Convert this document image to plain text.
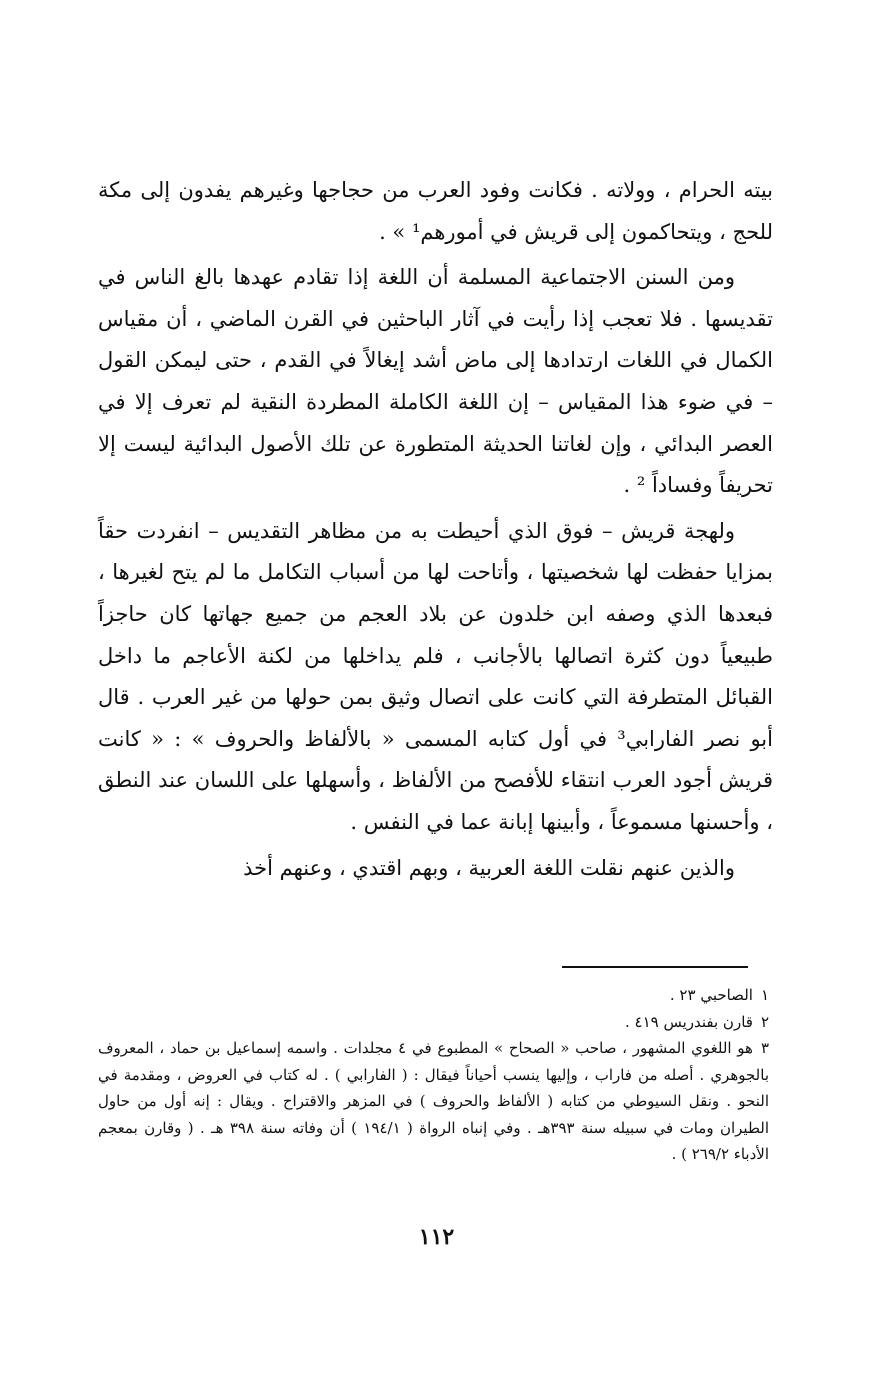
بيته الحرام ، وولاته . فكانت وفود العرب من حجاجها وغيرهم يفدون إلى مكة للحج ، ويتحاكمون إلى قريش في أمورهم¹ » .

ومن السنن الاجتماعية المسلمة أن اللغة إذا تقادم عهدها بالغ الناس في تقديسها . فلا تعجب إذا رأيت في آثار الباحثين في القرن الماضي ، أن مقياس الكمال في اللغات ارتدادها إلى ماض أشد إيغالاً في القدم ، حتى ليمكن القول – في ضوء هذا المقياس – إن اللغة الكاملة المطردة النقية لم تعرف إلا في العصر البدائي ، وإن لغاتنا الحديثة المتطورة عن تلك الأصول البدائية ليست إلا تحريفاً وفساداً ² .

ولهجة قريش – فوق الذي أحيطت به من مظاهر التقديس – انفردت حقاً بمزايا حفظت لها شخصيتها ، وأتاحت لها من أسباب التكامل ما لم يتح لغيرها ، فبعدها الذي وصفه ابن خلدون عن بلاد العجم من جميع جهاتها كان حاجزاً طبيعياً دون كثرة اتصالها بالأجانب ، فلم يداخلها من لكنة الأعاجم ما داخل القبائل المتطرفة التي كانت على اتصال وثيق بمن حولها من غير العرب . قال أبو نصر الفارابي³ في أول كتابه المسمى « بالألفاظ والحروف » : « كانت قريش أجود العرب انتقاء للأفصح من الألفاظ ، وأسهلها على اللسان عند النطق ، وأحسنها مسموعاً ، وأبينها إبانة عما في النفس .

والذين عنهم نقلت اللغة العربية ، وبهم اقتدي ، وعنهم أخذ

١الصاحبي ٢٣ .

٢قارن بفندريس ٤١٩ .

٣هو اللغوي المشهور ، صاحب « الصحاح » المطبوع في ٤ مجلدات . واسمه إسماعيل بن حماد ، المعروف بالجوهري . أصله من فاراب ، وإليها ينسب أحياناً فيقال : ( الفارابي ) . له كتاب في العروض ، ومقدمة في النحو . ونقل السيوطي من كتابه ( الألفاظ والحروف ) في المزهر والاقتراح . ويقال : إنه أول من حاول الطيران ومات في سبيله سنة ٣٩٣هـ . وفي إنباه الرواة ( ١٩٤/١ ) أن وفاته سنة ٣٩٨ هـ . ( وقارن بمعجم الأدباء ٢٦٩/٢ ) .

١١٢
